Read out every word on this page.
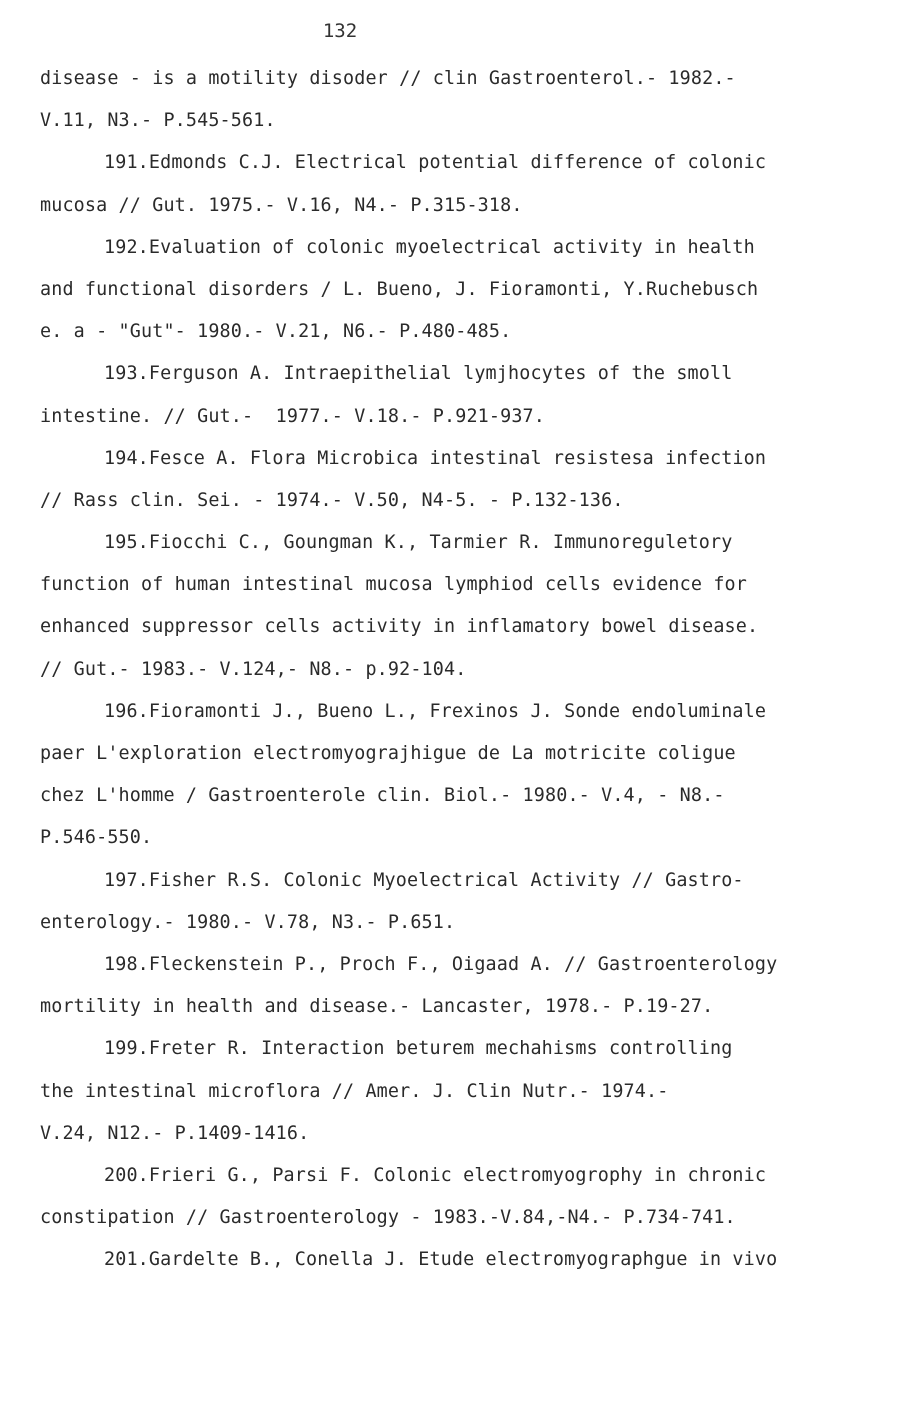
132
disease - is a motility disoder // clin Gastroenterol.- 1982.-
V.11, N3.- P.545-561.
191.Edmonds C.J. Electrical potential difference of colonic
mucosa // Gut. 1975.- V.16, N4.- P.315-318.
192.Evaluation of colonic myoelectrical activity in health
and functional disorders / L. Bueno, J. Fioramonti, Y.Ruchebusch
e. a - "Gut"- 1980.- V.21, N6.- P.480-485.
193.Ferguson A. Intraepithelial lymjhocytes of the smoll
intestine. // Gut.-  1977.- V.18.- P.921-937.
194.Fesce A. Flora Microbica intestinal resistesa infection
// Rass clin. Sei. - 1974.- V.50, N4-5. - P.132-136.
195.Fiocchi C., Goungman K., Tarmier R. Immunoreguletory
function of human intestinal mucosa lymphiod cells evidence for
enhanced suppressor cells activity in inflamatory bowel disease.
// Gut.- 1983.- V.124,- N8.- p.92-104.
196.Fioramonti J., Bueno L., Frexinos J. Sonde endoluminale
paer L'exploration electromyograjhigue de La motricite coligue
chez L'homme / Gastroenterole clin. Biol.- 1980.- V.4, - N8.-
P.546-550.
197.Fisher R.S. Colonic Myoelectrical Activity // Gastro-
enterology.- 1980.- V.78, N3.- P.651.
198.Fleckenstein P., Proch F., Oigaad A. // Gastroenterology
mortility in health and disease.- Lancaster, 1978.- P.19-27.
199.Freter R. Interaction beturem mechahisms controlling
the intestinal microflora // Amer. J. Clin Nutr.- 1974.-
V.24, N12.- P.1409-1416.
200.Frieri G., Parsi F. Colonic electromyogrophy in chronic
constipation // Gastroenterology - 1983.-V.84,-N4.- P.734-741.
201.Gardelte B., Conella J. Etude electromyographgue in vivo
